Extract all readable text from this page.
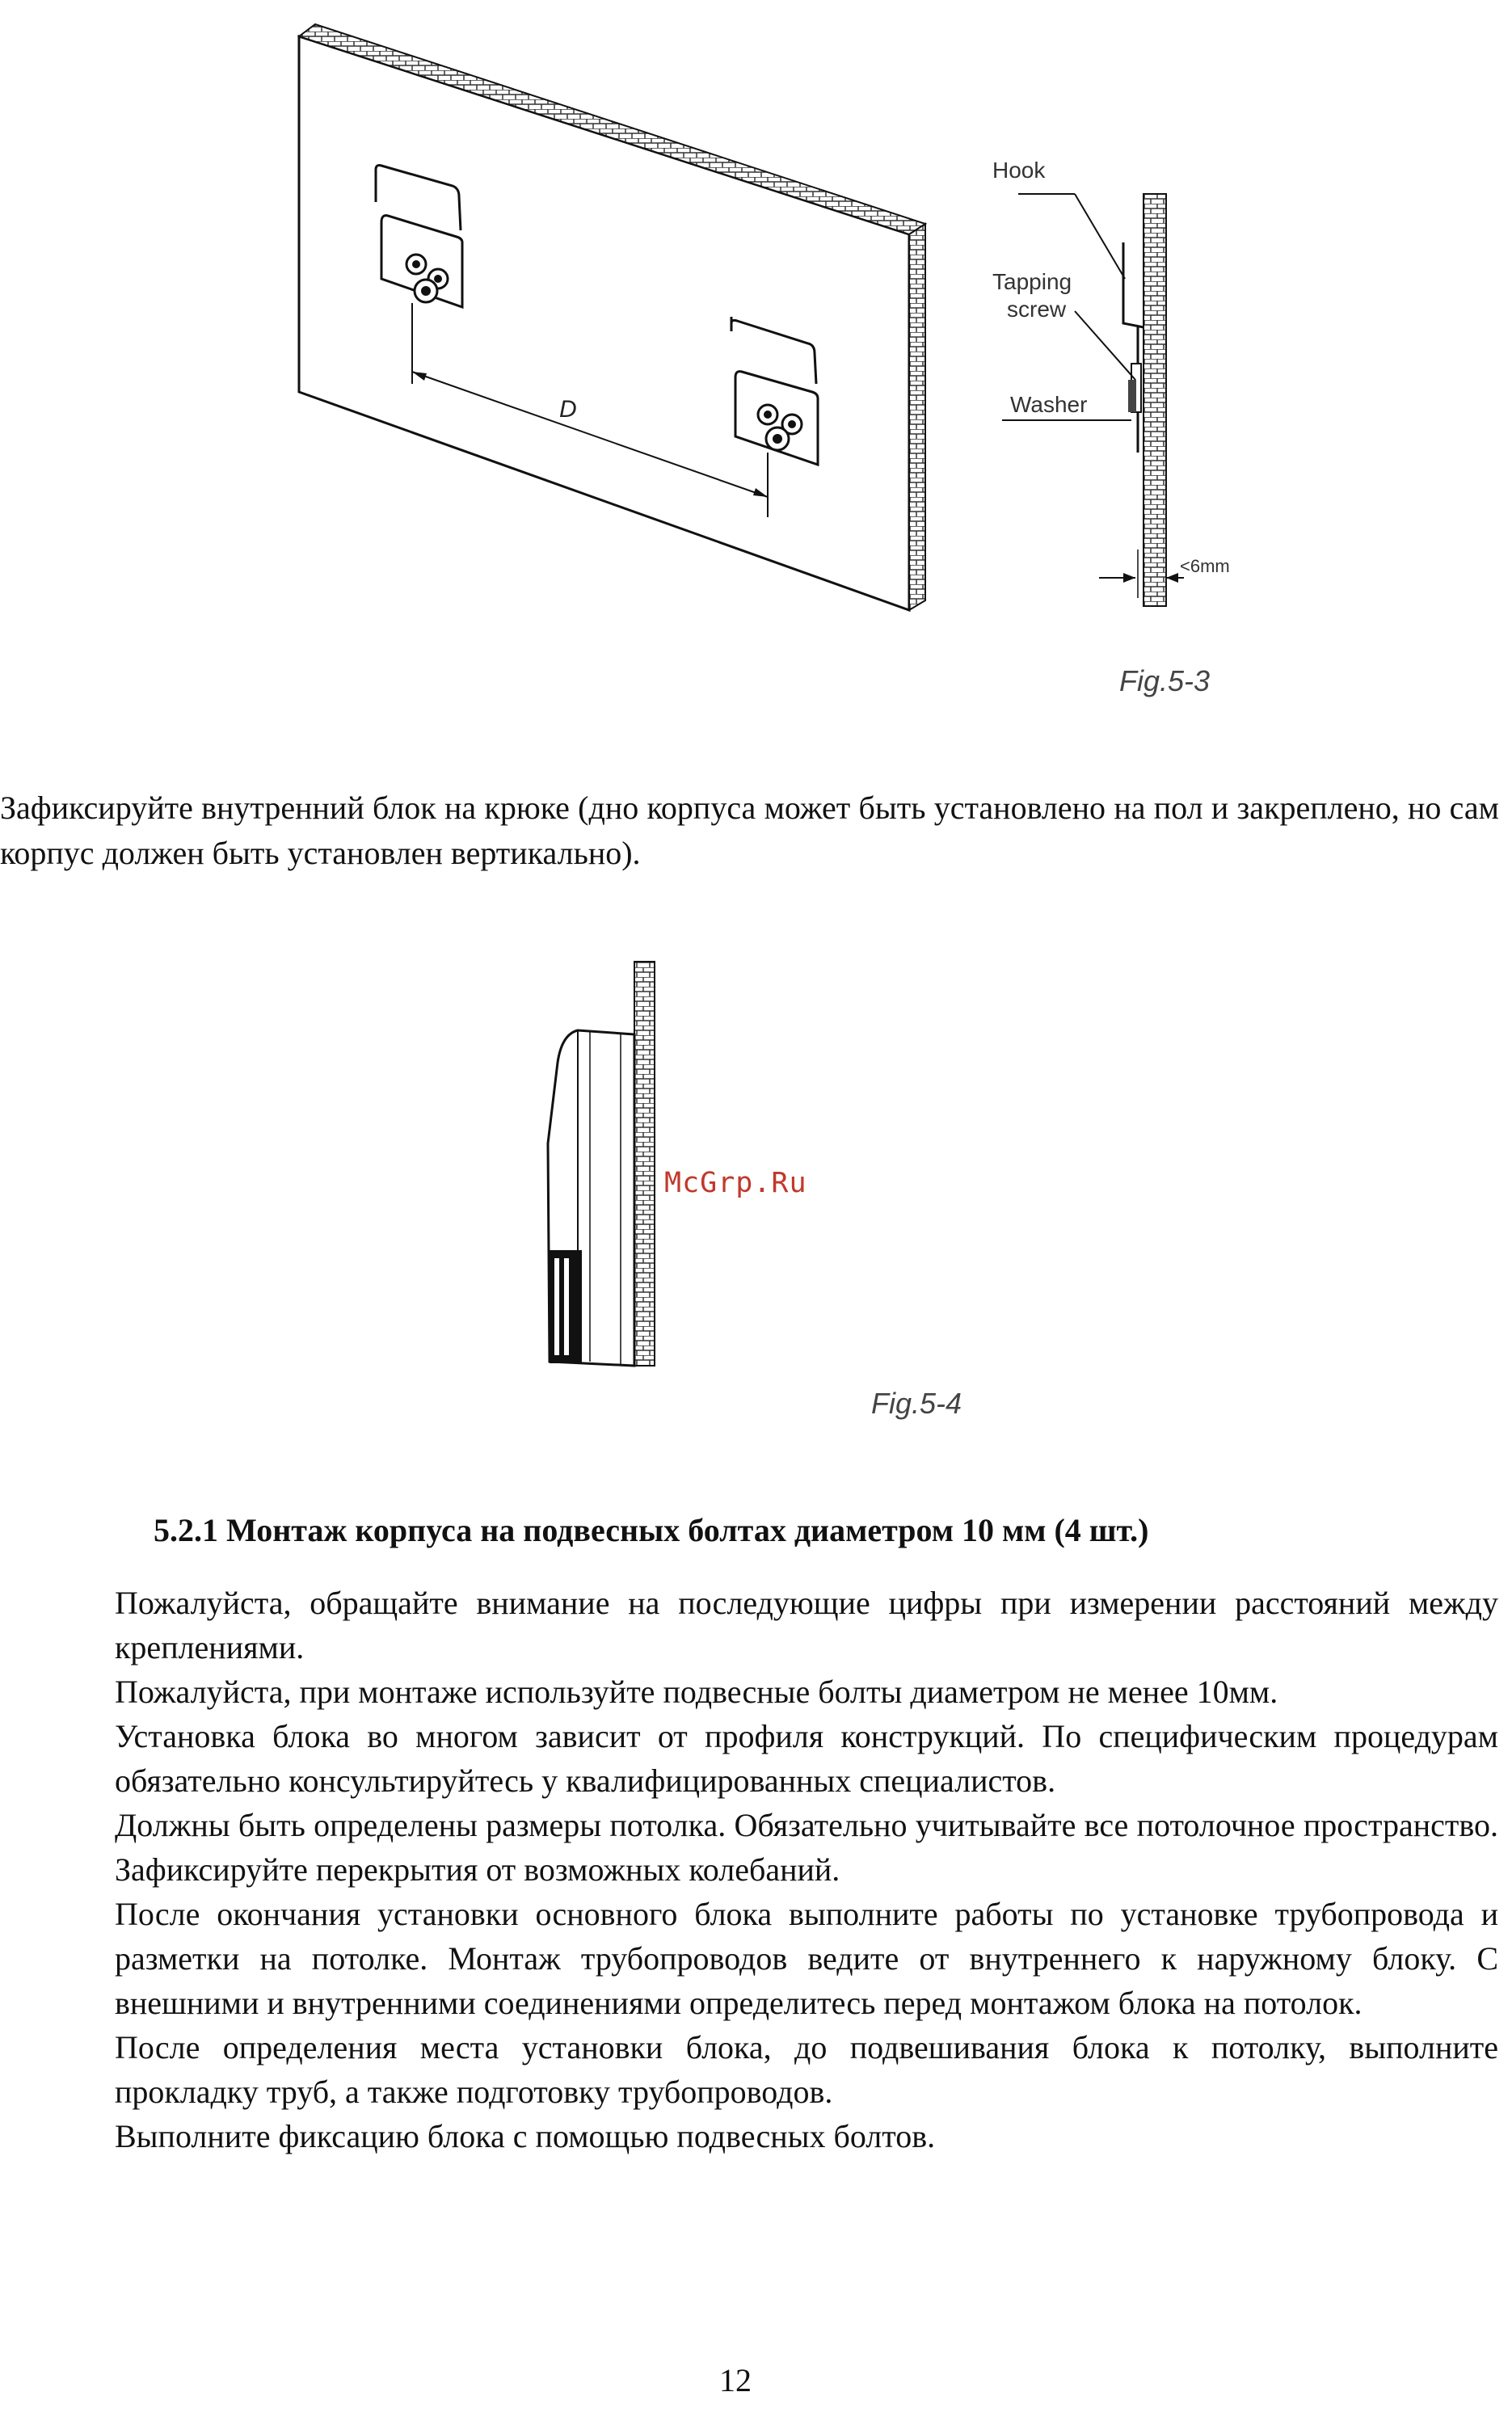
D
Hook
Tapping
screw
Washer
<6mm
Fig.5-3
Зафиксируйте внутренний блок на крюке (дно корпуса может быть установлено на пол и закреплено, но сам корпус должен быть установлен вертикально).
McGrp.Ru
Fig.5-4
5.2.1 Монтаж корпуса на подвесных болтах диаметром 10 мм (4 шт.)

Пожалуйста, обращайте внимание на последующие цифры при измерении расстояний между креплениями.

Пожалуйста, при монтаже используйте подвесные болты диаметром не менее 10мм.

Установка блока во многом зависит от профиля конструкций. По специфическим процедурам обязательно консультируйтесь у квалифицированных специалистов.

Должны быть определены размеры потолка. Обязательно учитывайте все потолочное пространство. Зафиксируйте перекрытия от возможных колебаний.

После окончания установки основного блока выполните работы по установке трубопровода и разметки на потолке. Монтаж трубопроводов ведите от внутреннего к наружному блоку. С внешними и внутренними соединениями определитесь перед монтажом блока на потолок.

После определения места установки блока, до подвешивания блока к потолку, выполните прокладку труб, а также подготовку трубопроводов.

Выполните фиксацию блока с помощью подвесных болтов.

12
